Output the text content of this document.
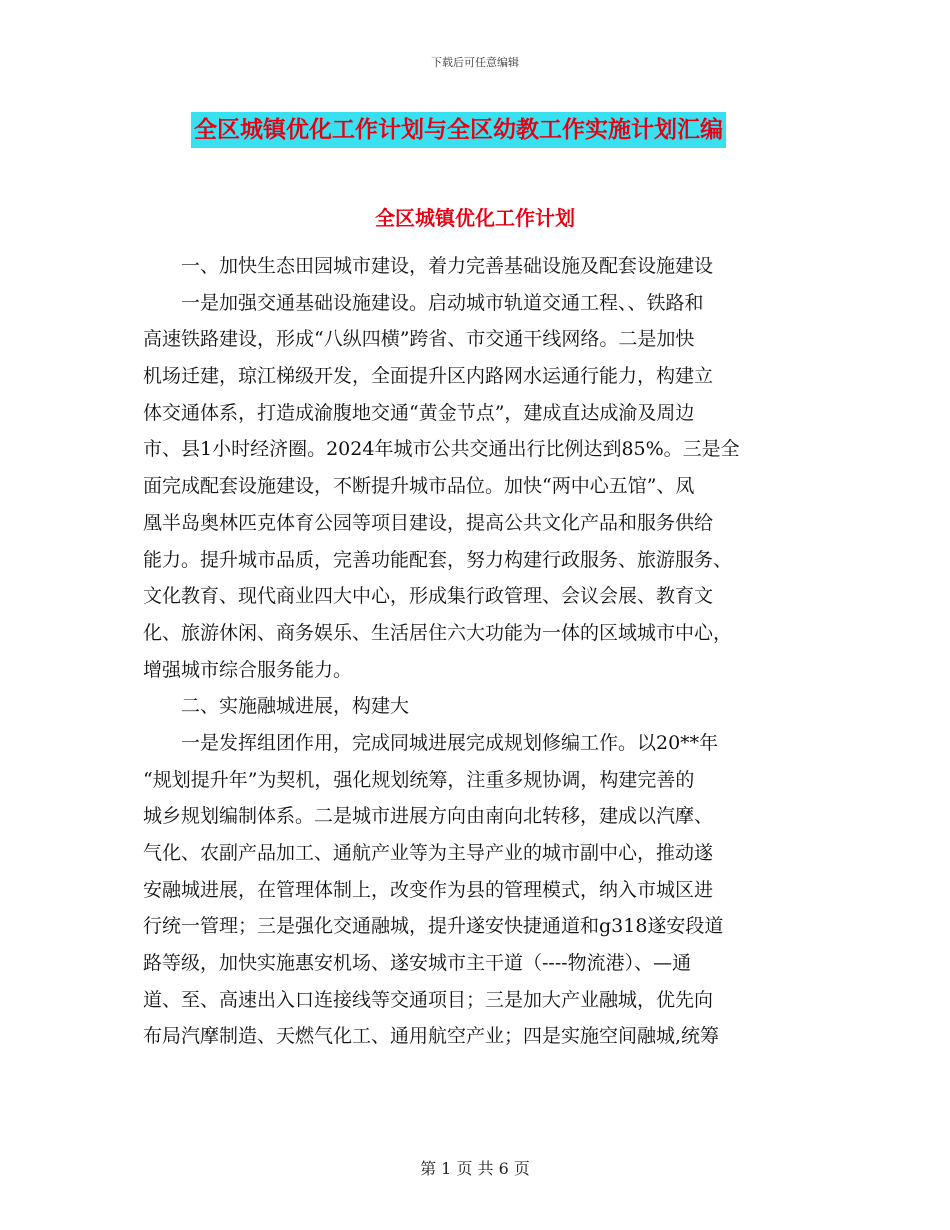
下载后可任意编辑
全区城镇优化工作计划与全区幼教工作实施计划汇编
全区城镇优化工作计划
　　一、加快生态田园城市建设，着力完善基础设施及配套设施建设
　　一是加强交通基础设施建设。启动城市轨道交通工程、、铁路和
高速铁路建设，形成“八纵四横”跨省、市交通干线网络。二是加快
机场迁建，琼江梯级开发，全面提升区内路网水运通行能力，构建立
体交通体系，打造成渝腹地交通“黄金节点”，建成直达成渝及周边
市、县1小时经济圈。2024年城市公共交通出行比例达到85%。三是全
面完成配套设施建设，不断提升城市品位。加快“两中心五馆”、凤
凰半岛奥林匹克体育公园等项目建设，提高公共文化产品和服务供给
能力。提升城市品质，完善功能配套，努力构建行政服务、旅游服务、
文化教育、现代商业四大中心，形成集行政管理、会议会展、教育文
化、旅游休闲、商务娱乐、生活居住六大功能为一体的区域城市中心，
增强城市综合服务能力。
　　二、实施融城进展，构建大
　　一是发挥组团作用，完成同城进展完成规划修编工作。以20**年
“规划提升年”为契机，强化规划统筹，注重多规协调，构建完善的
城乡规划编制体系。二是城市进展方向由南向北转移，建成以汽摩、
气化、农副产品加工、通航产业等为主导产业的城市副中心，推动遂
安融城进展，在管理体制上，改变作为县的管理模式，纳入市城区进
行统一管理；三是强化交通融城，提升遂安快捷通道和g318遂安段道
路等级，加快实施惠安机场、遂安城市主干道（----物流港）、—通
道、至、高速出入口连接线等交通项目；三是加大产业融城，优先向
布局汽摩制造、天燃气化工、通用航空产业；四是实施空间融城,统筹
第 1 页 共 6 页
